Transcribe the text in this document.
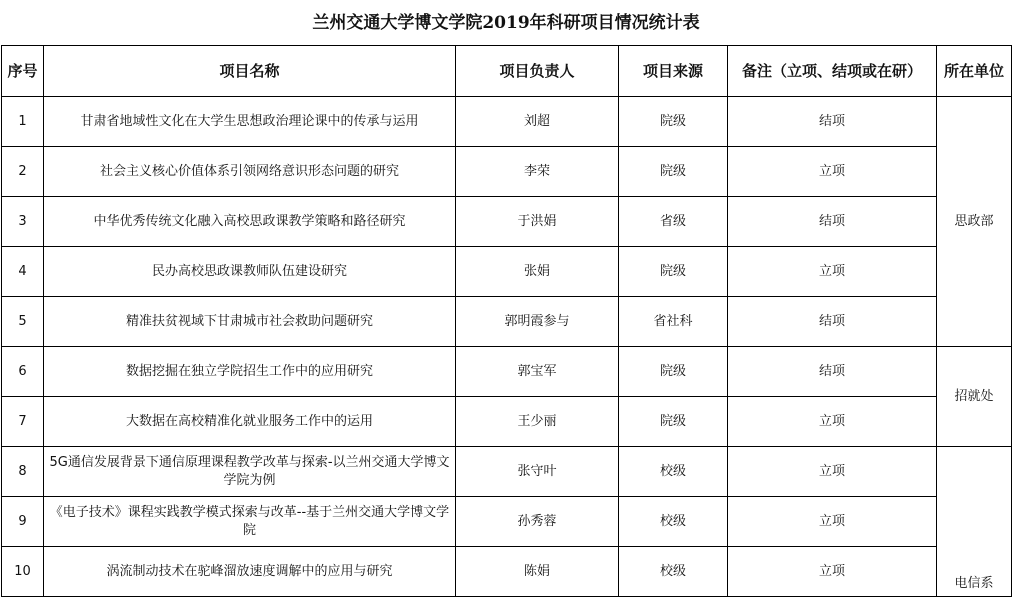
兰州交通大学博文学院2019年科研项目情况统计表
序号	项目名称	项目负责人	项目来源	备注（立项、结项或在研）	所在单位
1	甘肃省地域性文化在大学生思想政治理论课中的传承与运用	刘超	院级	结项	思政部
2	社会主义核心价值体系引领网络意识形态问题的研究	李荣	院级	立项	
3	中华优秀传统文化融入高校思政课教学策略和路径研究	于洪娟	省级	结项	
4	民办高校思政课教师队伍建设研究	张娟	院级	立项	
5	精准扶贫视域下甘肃城市社会救助问题研究	郭明霞参与	省社科	结项	
6	数据挖掘在独立学院招生工作中的应用研究	郭宝军	院级	结项	招就处
7	大数据在高校精准化就业服务工作中的运用	王少丽	院级	立项	
8	5G通信发展背景下通信原理课程教学改革与探索-以兰州交通大学博文学院为例	张守叶	校级	立项	电信系

9	《电子技术》课程实践教学模式探索与改革--基于兰州交通大学博文学院	孙秀蓉	校级	立项	
10	涡流制动技术在驼峰溜放速度调解中的应用与研究	陈娟	校级	立项	
